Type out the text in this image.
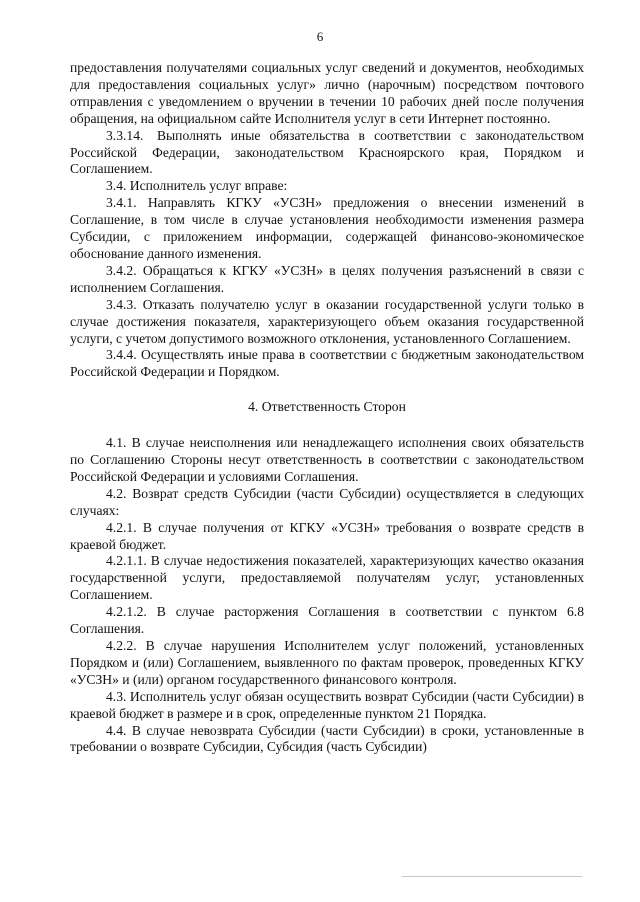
6

предоставления получателями социальных услуг сведений и документов, необходимых для предоставления социальных услуг» лично (нарочным) посредством почтового отправления с уведомлением о вручении в течении 10 рабочих дней после получения обращения, на официальном сайте Исполнителя услуг в сети Интернет постоянно.

3.3.14. Выполнять иные обязательства в соответствии с законодательством Российской Федерации, законодательством Красноярского края, Порядком и Соглашением.

3.4. Исполнитель услуг вправе:

3.4.1. Направлять КГКУ «УСЗН» предложения о внесении изменений в Соглашение, в том числе в случае установления необходимости изменения размера Субсидии, с приложением информации, содержащей финансово-экономическое обоснование данного изменения.

3.4.2. Обращаться к КГКУ «УСЗН» в целях получения разъяснений в связи с исполнением Соглашения.

3.4.3. Отказать получателю услуг в оказании государственной услуги только в случае достижения показателя, характеризующего объем оказания государственной услуги, с учетом допустимого возможного отклонения, установленного Соглашением.

3.4.4. Осуществлять иные права в соответствии с бюджетным законодательством Российской Федерации и Порядком.

4. Ответственность Сторон

4.1. В случае неисполнения или ненадлежащего исполнения своих обязательств по Соглашению Стороны несут ответственность в соответствии с законодательством Российской Федерации и условиями Соглашения.

4.2. Возврат средств Субсидии (части Субсидии) осуществляется в следующих случаях:

4.2.1. В случае получения от КГКУ «УСЗН» требования о возврате средств в краевой бюджет.

4.2.1.1. В случае недостижения показателей, характеризующих качество оказания государственной услуги, предоставляемой получателям услуг, установленных Соглашением.

4.2.1.2. В случае расторжения Соглашения в соответствии с пунктом 6.8 Соглашения.

4.2.2. В случае нарушения Исполнителем услуг положений, установленных Порядком и (или) Соглашением, выявленного по фактам проверок, проведенных КГКУ «УСЗН» и (или) органом государственного финансового контроля.

4.3. Исполнитель услуг обязан осуществить возврат Субсидии (части Субсидии) в краевой бюджет в размере и в срок, определенные пунктом 21 Порядка.

4.4. В случае невозврата Субсидии (части Субсидии) в сроки, установленные в требовании о возврате Субсидии, Субсидия (часть Субсидии)
